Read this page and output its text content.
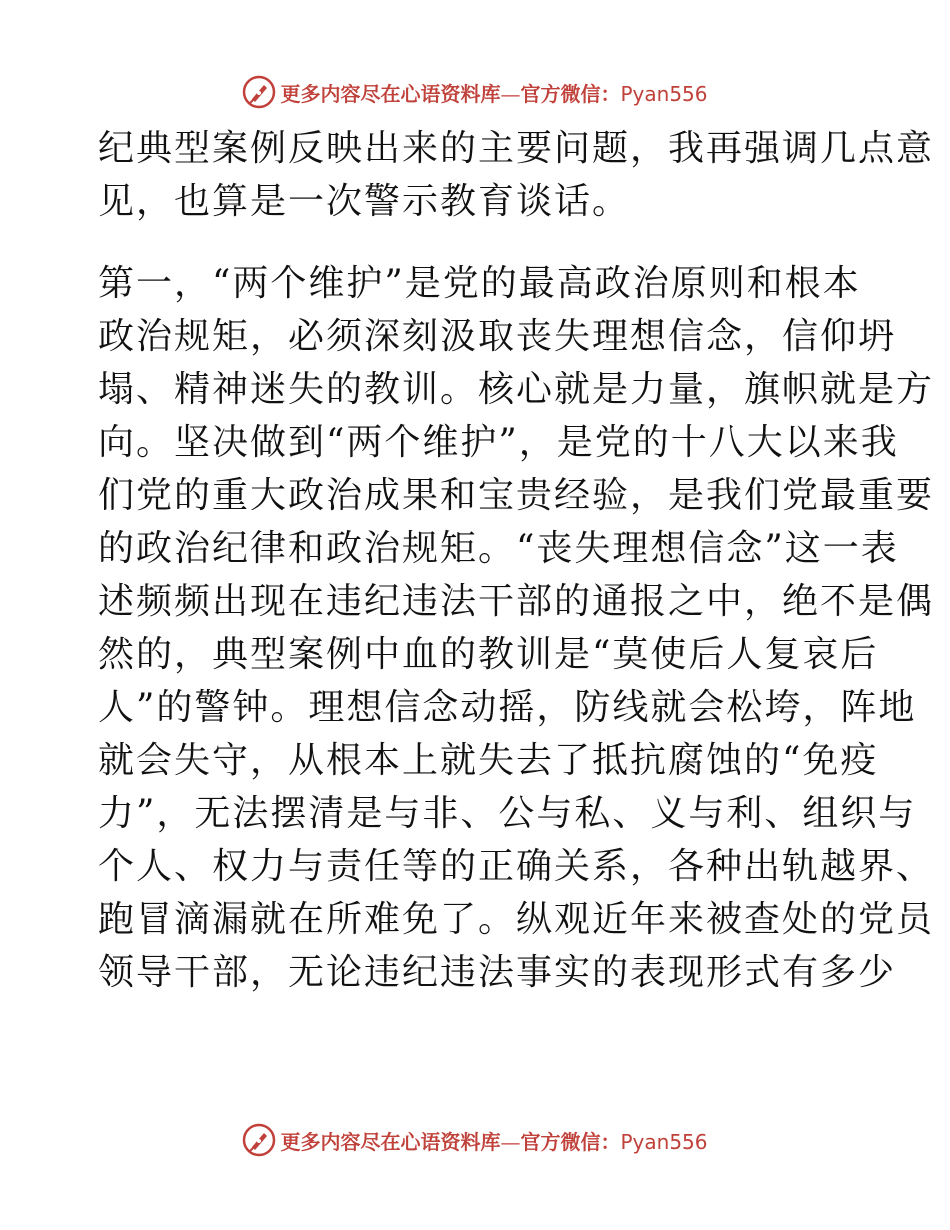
更多内容尽在心语资料库—官方微信：Pyan556
纪典型案例反映出来的主要问题，我再强调几点意
见，也算是一次警示教育谈话。
第一，“两个维护”是党的最高政治原则和根本
政治规矩，必须深刻汲取丧失理想信念，信仰坍
塌、精神迷失的教训。核心就是力量，旗帜就是方
向。坚决做到“两个维护”，是党的十八大以来我
们党的重大政治成果和宝贵经验，是我们党最重要
的政治纪律和政治规矩。“丧失理想信念”这一表
述频频出现在违纪违法干部的通报之中，绝不是偶
然的，典型案例中血的教训是“莫使后人复哀后
人”的警钟。理想信念动摇，防线就会松垮，阵地
就会失守，从根本上就失去了抵抗腐蚀的“免疫
力”，无法摆清是与非、公与私、义与利、组织与
个人、权力与责任等的正确关系，各种出轨越界、
跑冒滴漏就在所难免了。纵观近年来被查处的党员
领导干部，无论违纪违法事实的表现形式有多少
更多内容尽在心语资料库—官方微信：Pyan556
